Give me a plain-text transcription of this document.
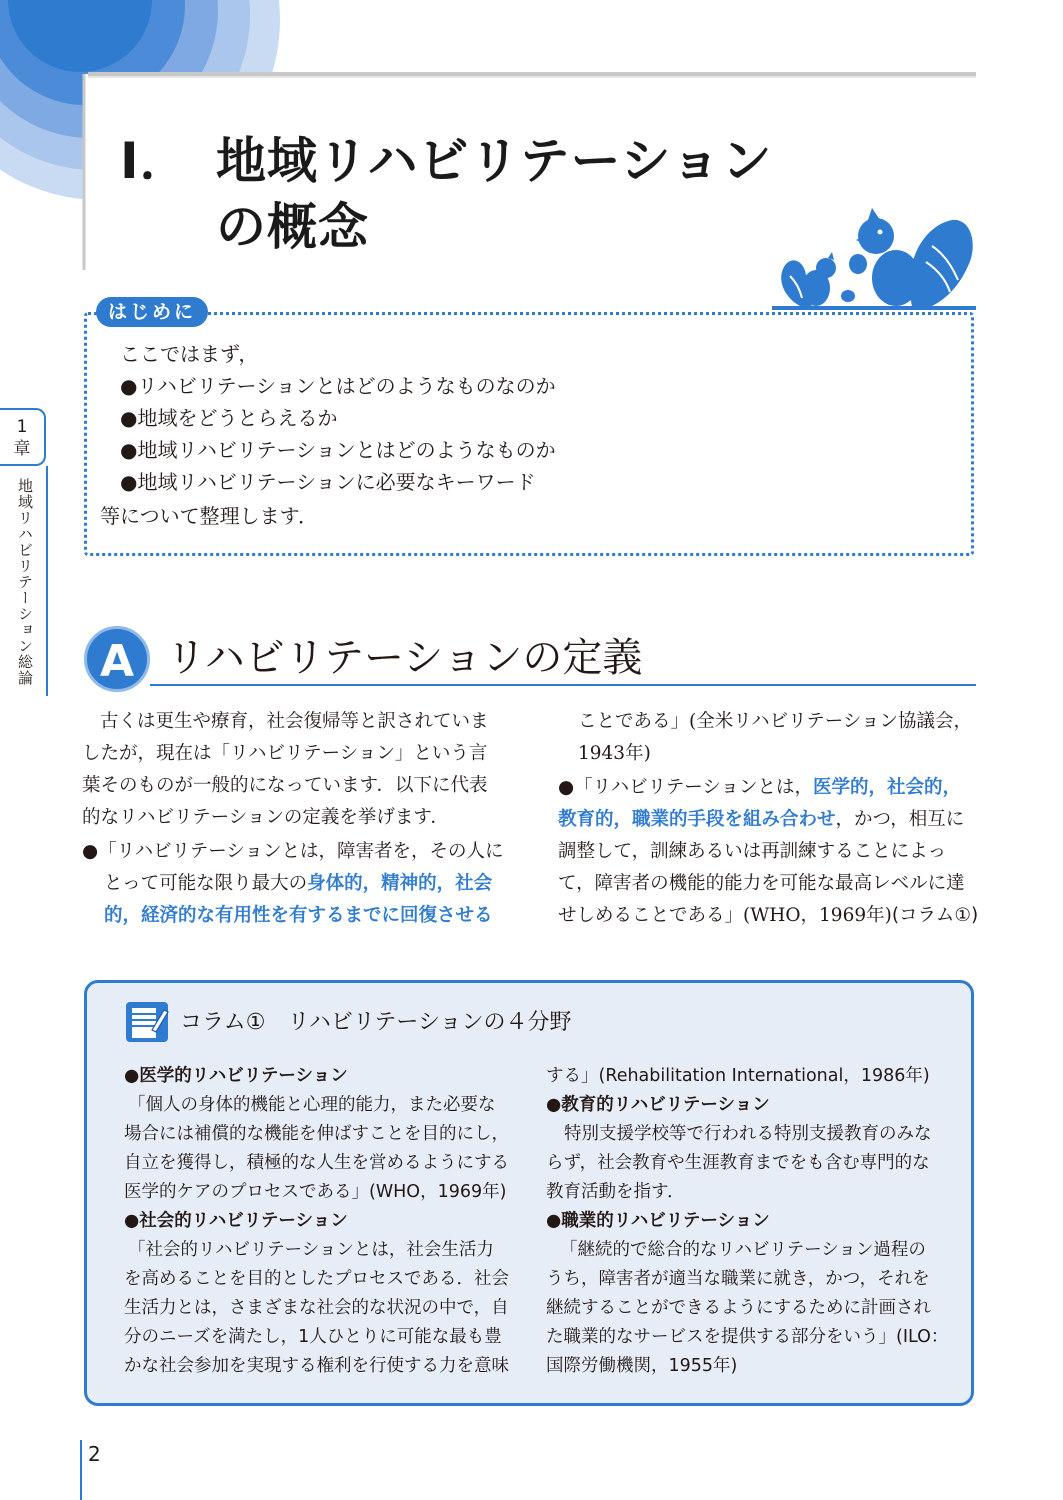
I． 地域リハビリテーション
の概念
1
章
地域リハビリテーション総論
はじめに
ここではまず，
●リハビリテーションとはどのようなものなのか
●地域をどうとらえるか
●地域リハビリテーションとはどのようなものか
●地域リハビリテーションに必要なキーワード
等について整理します．
A リハビリテーションの定義
古くは更生や療育，社会復帰等と訳されていま
したが，現在は「リハビリテーション」という言
葉そのものが一般的になっています．以下に代表
的なリハビリテーションの定義を挙げます．
●「リハビリテーションとは，障害者を，その人に
とって可能な限り最大の身体的，精神的，社会
的，経済的な有用性を有するまでに回復させる
ことである」(全米リハビリテーション協議会，
1943年)
●「リハビリテーションとは，医学的，社会的，
教育的，職業的手段を組み合わせ，かつ，相互に
調整して，訓練あるいは再訓練することによっ
て，障害者の機能的能力を可能な最高レベルに達
せしめることである」(WHO，1969年)(コラム①)
コラム①　リハビリテーションの４分野
●医学的リハビリテーション
「個人の身体的機能と心理的能力，また必要な
場合には補償的な機能を伸ばすことを目的にし，
自立を獲得し，積極的な人生を営めるようにする
医学的ケアのプロセスである」(WHO，1969年)
●社会的リハビリテーション
「社会的リハビリテーションとは，社会生活力
を高めることを目的としたプロセスである．社会
生活力とは，さまざまな社会的な状況の中で，自
分のニーズを満たし，1人ひとりに可能な最も豊
かな社会参加を実現する権利を行使する力を意味
する」(Rehabilitation International，1986年)
●教育的リハビリテーション
特別支援学校等で行われる特別支援教育のみな
らず，社会教育や生涯教育までをも含む専門的な
教育活動を指す．
●職業的リハビリテーション
「継続的で総合的なリハビリテーション過程の
うち，障害者が適当な職業に就き，かつ，それを
継続することができるようにするために計画され
た職業的なサービスを提供する部分をいう」(ILO：
国際労働機関，1955年)
2
